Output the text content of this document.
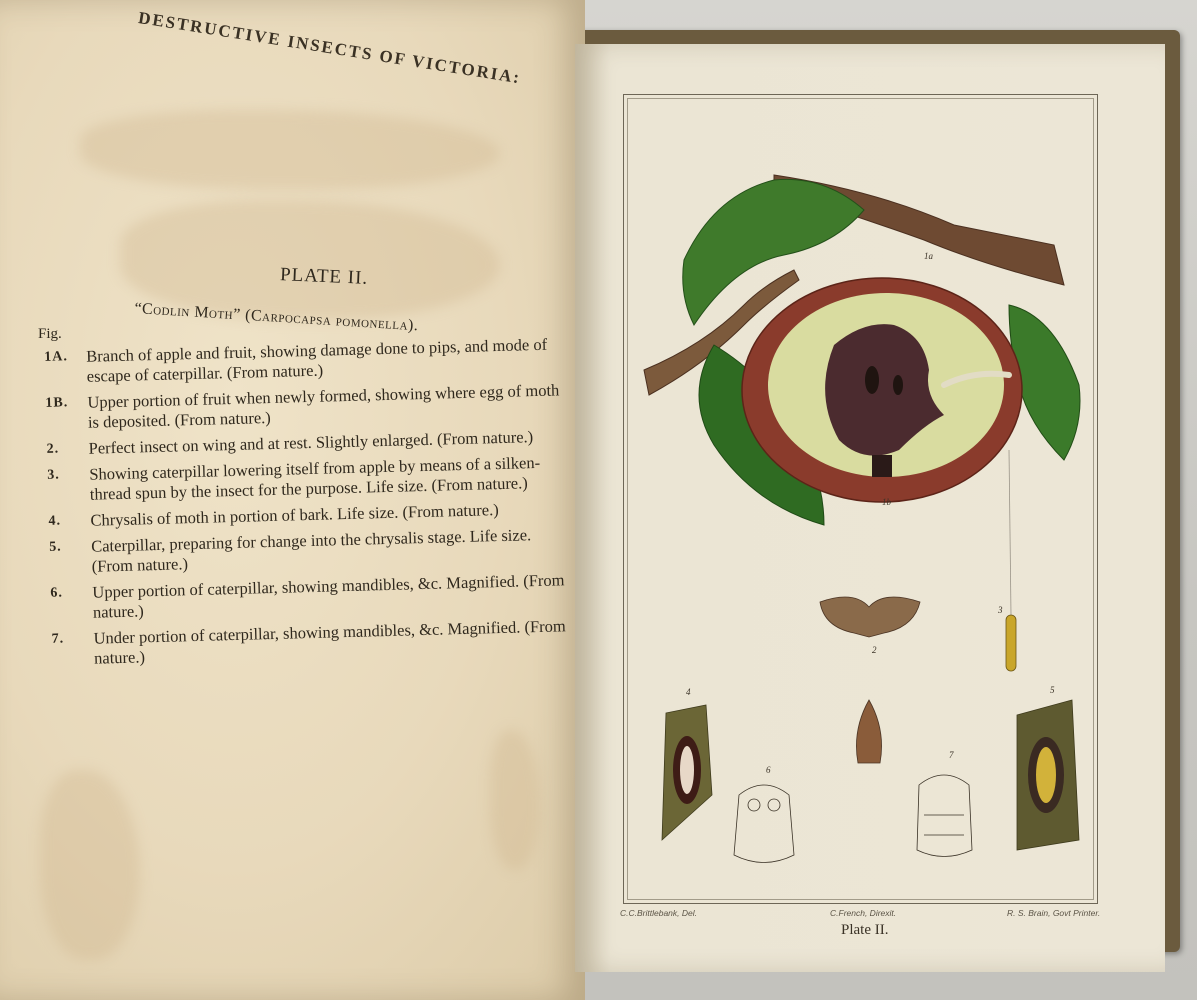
DESTRUCTIVE INSECTS OF VICTORIA:
PLATE II.
“Codlin Moth” (Carpocapsa pomonella).
Fig.
1A. Branch of apple and fruit, showing damage done to pips, and mode of escape of caterpillar. (From nature.)
1B. Upper portion of fruit when newly formed, showing where egg of moth is deposited. (From nature.)
2. Perfect insect on wing and at rest. Slightly enlarged. (From nature.)
3. Showing caterpillar lowering itself from apple by means of a silken-thread spun by the insect for the purpose. Life size. (From nature.)
4. Chrysalis of moth in portion of bark. Life size. (From nature.)
5. Caterpillar, preparing for change into the chrysalis stage. Life size. (From nature.)
6. Upper portion of caterpillar, showing mandibles, &c. Magnified. (From nature.)
7. Under portion of caterpillar, showing mandibles, &c. Magnified. (From nature.)
1a
1b
2
3
4	5
6
7
C.C.Brittlebank, Del.	C.French, Direxit.	R. S. Brain, Govt Printer.
Plate II.
